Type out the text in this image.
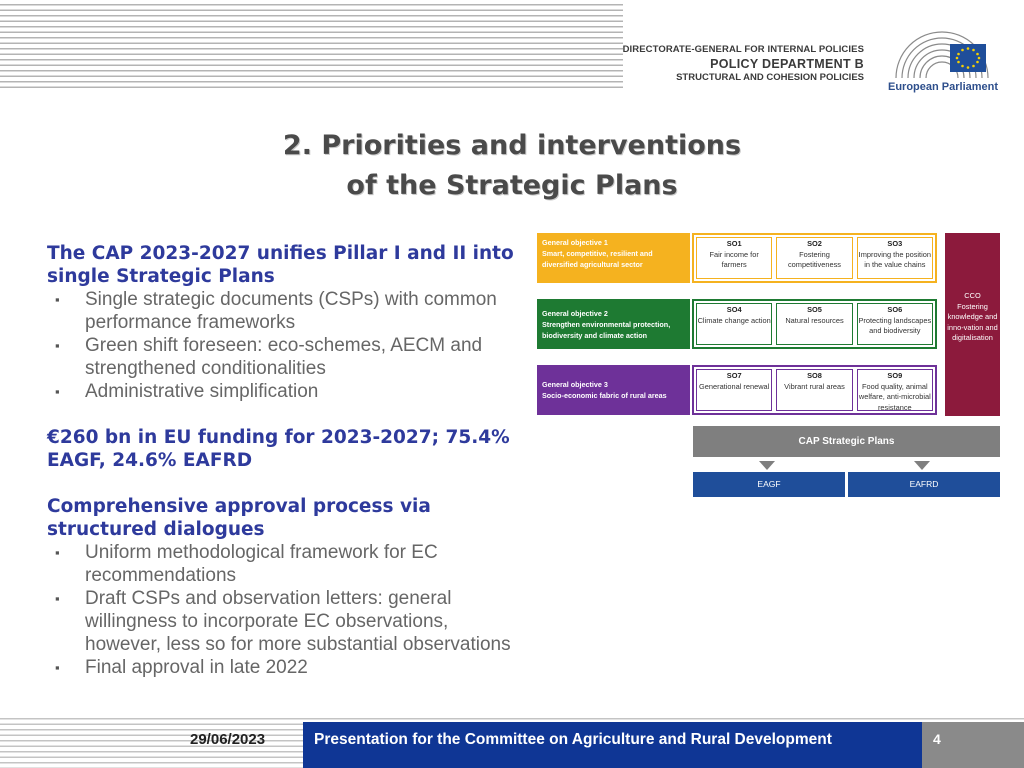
DIRECTORATE-GENERAL FOR INTERNAL POLICIES
POLICY DEPARTMENT B
STRUCTURAL AND COHESION POLICIES
European Parliament
2. Priorities and interventions
of the Strategic Plans
The CAP 2023-2027 unifies Pillar I and II into single Strategic Plans
▪ Single strategic documents (CSPs) with common performance frameworks
▪ Green shift foreseen: eco-schemes, AECM and strengthened conditionalities
▪ Administrative simplification
€260 bn in EU funding for 2023-2027; 75.4% EAGF, 24.6% EAFRD
Comprehensive approval process via structured dialogues
▪ Uniform methodological framework for EC recommendations
▪ Draft CSPs and observation letters: general willingness to incorporate EC observations, however, less so for more substantial observations
▪ Final approval in late 2022
General objective 1
Smart, competitive, resilient and diversified agricultural sector
General objective 2
Strengthen environmental protection, biodiversity and climate action
General objective 3
Socio-economic fabric of rural areas
SO1
Fair income for farmers
SO2
Fostering competitiveness
SO3
Improving the position in the value chains
SO4
Climate change action
SO5
Natural resources
SO6
Protecting landscapes and biodiversity
SO7
Generational renewal
SO8
Vibrant rural areas
SO9
Food quality, animal welfare, anti-microbial resistance
CCO
Fostering knowledge and inno-vation and digitalisation
CAP Strategic Plans
EAGF	EAFRD
29/06/2023	Presentation for the Committee on Agriculture and Rural Development	4
